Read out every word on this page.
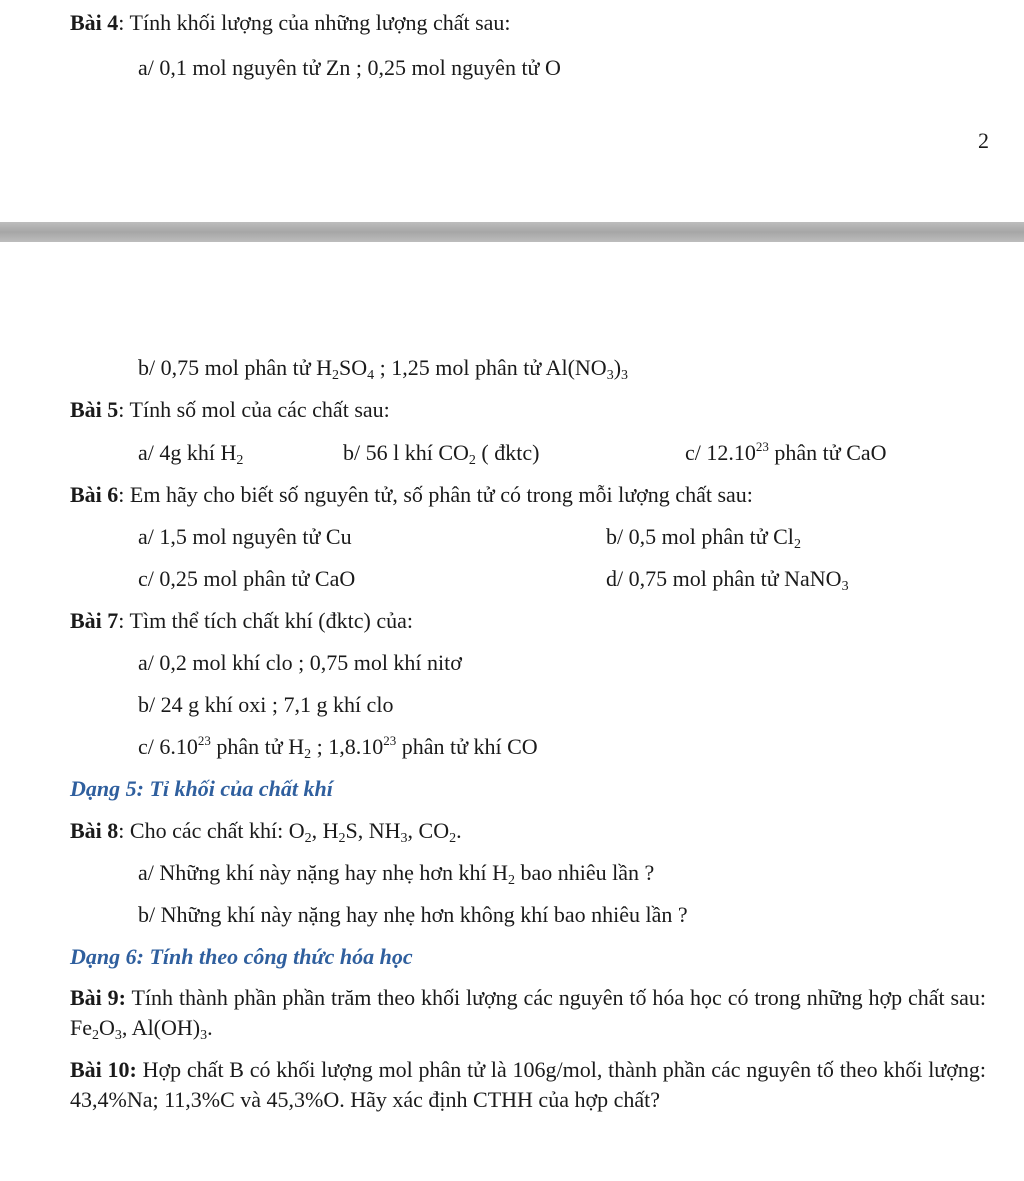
Bài 4: Tính khối lượng của những lượng chất sau:
a/ 0,1 mol nguyên tử Zn ; 0,25 mol nguyên tử O
2
b/ 0,75 mol phân tử $H_2SO_4$ ; 1,25 mol phân tử $Al(NO_3)_3$
Bài 5: Tính số mol của các chất sau:
a/ 4g khí $H_2$	b/ 56 l khí $CO_2$ ( đktc)	c/ 12.10$^{23}$ phân tử CaO
Bài 6: Em hãy cho biết số nguyên tử, số phân tử có trong mỗi lượng chất sau:
a/ 1,5 mol nguyên tử Cu	b/ 0,5 mol phân tử $Cl_2$
c/ 0,25 mol phân tử CaO	d/ 0,75 mol phân tử NaNO$_3$
Bài 7: Tìm thể tích chất khí (đktc) của:
a/ 0,2 mol khí clo ; 0,75 mol khí nitơ
b/ 24 g khí oxi ; 7,1 g khí clo
c/ 6.10$^{23}$ phân tử $H_2$ ; 1,8.10$^{23}$ phân tử khí CO
Dạng 5: Tỉ khối của chất khí
Bài 8: Cho các chất khí: $O_2$, $H_2S$, $NH_3$, $CO_2$.
a/ Những khí này nặng hay nhẹ hơn khí $H_2$ bao nhiêu lần ?
b/ Những khí này nặng hay nhẹ hơn không khí bao nhiêu lần ?
Dạng 6: Tính theo công thức hóa học
Bài 9: Tính thành phần phần trăm theo khối lượng các nguyên tố hóa học có trong những hợp chất sau: $Fe_2O_3$, $Al(OH)_3$.
Bài 10: Hợp chất B có khối lượng mol phân tử là 106g/mol, thành phần các nguyên tố theo khối lượng: 43,4%Na; 11,3%C và 45,3%O. Hãy xác định CTHH của hợp chất?
